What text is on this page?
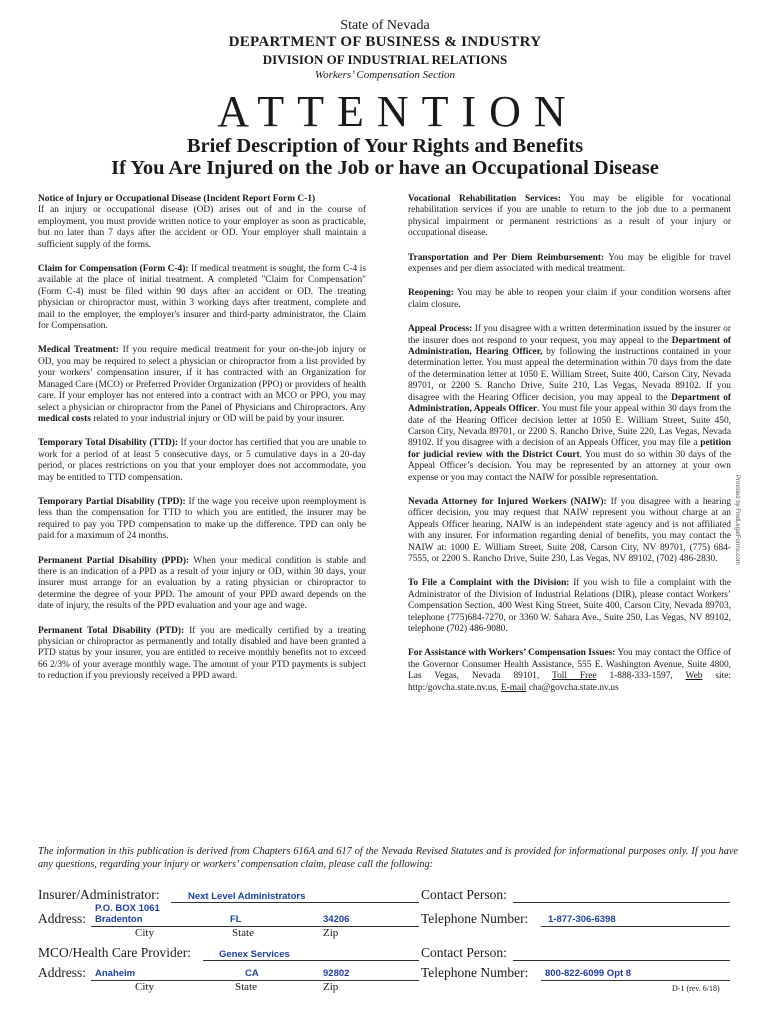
State of Nevada
DEPARTMENT OF BUSINESS & INDUSTRY
DIVISION OF INDUSTRIAL RELATIONS
Workers’ Compensation Section
ATTENTION
Brief Description of Your Rights and Benefits
If You Are Injured on the Job or have an Occupational Disease

Notice of Injury or Occupational Disease (Incident Report Form C-1)
If an injury or occupational disease (OD) arises out of and in the course of employment, you must provide written notice to your employer as soon as practicable, but no later than 7 days after the accident or OD. Your employer shall maintain a sufficient supply of the forms.

Claim for Compensation (Form C-4): If medical treatment is sought, the form C-4 is available at the place of initial treatment. A completed "Claim for Compensation" (Form C-4) must be filed within 90 days after an accident or OD. The treating physician or chiropractor must, within 3 working days after treatment, complete and mail to the employer, the employer's insurer and third-party administrator, the Claim for Compensation.

Medical Treatment: If you require medical treatment for your on-the-job injury or OD, you may be required to select a physician or chiropractor from a list provided by your workers’ compensation insurer, if it has contracted with an Organization for Managed Care (MCO) or Preferred Provider Organization (PPO) or providers of health care. If your employer has not entered into a contract with an MCO or PPO, you may select a physician or chiropractor from the Panel of Physicians and Chiropractors. Any medical costs related to your industrial injury or OD will be paid by your insurer.

Temporary Total Disability (TTD): If your doctor has certified that you are unable to work for a period of at least 5 consecutive days, or 5 cumulative days in a 20-day period, or places restrictions on you that your employer does not accommodate, you may be entitled to TTD compensation.

Temporary Partial Disability (TPD): If the wage you receive upon reemployment is less than the compensation for TTD to which you are entitled, the insurer may be required to pay you TPD compensation to make up the difference. TPD can only be paid for a maximum of 24 months.

Permanent Partial Disability (PPD): When your medical condition is stable and there is an indication of a PPD as a result of your injury or OD, within 30 days, your insurer must arrange for an evaluation by a rating physician or chiropractor to determine the degree of your PPD. The amount of your PPD award depends on the date of injury, the results of the PPD evaluation and your age and wage.

Permanent Total Disability (PTD): If you are medically certified by a treating physician or chiropractor as permanently and totally disabled and have been granted a PTD status by your insurer, you are entitled to receive monthly benefits not to exceed 66 2/3% of your average monthly wage. The amount of your PTD payments is subject to reduction if you previously received a PPD award.

Vocational Rehabilitation Services: You may be eligible for vocational rehabilitation services if you are unable to return to the job due to a permanent physical impairment or permanent restrictions as a result of your injury or occupational disease.

Transportation and Per Diem Reimbursement: You may be eligible for travel expenses and per diem associated with medical treatment.

Reopening: You may be able to reopen your claim if your condition worsens after claim closure.

Appeal Process: If you disagree with a written determination issued by the insurer or the insurer does not respond to your request, you may appeal to the Department of Administration, Hearing Officer, by following the instructions contained in your determination letter. You must appeal the determination within 70 days from the date of the determination letter at 1050 E. William Street, Suite 400, Carson City, Nevada 89701, or 2200 S. Rancho Drive, Suite 210, Las Vegas, Nevada 89102. If you disagree with the Hearing Officer decision, you may appeal to the Department of Administration, Appeals Officer. You must file your appeal within 30 days from the date of the Hearing Officer decision letter at 1050 E. William Street, Suite 450, Carson City, Nevada 89701, or 2200 S. Rancho Drive, Suite 220, Las Vegas, Nevada 89102. If you disagree with a decision of an Appeals Officer, you may file a petition for judicial review with the District Court. You must do so within 30 days of the Appeal Officer’s decision. You may be represented by an attorney at your own expense or you may contact the NAIW for possible representation.

Nevada Attorney for Injured Workers (NAIW): If you disagree with a hearing officer decision, you may request that NAIW represent you without charge at an Appeals Officer hearing. NAIW is an independent state agency and is not affiliated with any insurer. For information regarding denial of benefits, you may contact the NAIW at: 1000 E. William Street, Suite 208, Carson City, NV 89701, (775) 684-7555, or 2200 S. Rancho Drive, Suite 230, Las Vegas, NV 89102, (702) 486-2830.

To File a Complaint with the Division: If you wish to file a complaint with the Administrator of the Division of Industrial Relations (DIR), please contact Workers’ Compensation Section, 400 West King Street, Suite 400, Carson City, Nevada 89703, telephone (775)684-7270, or 3360 W. Sahara Ave., Suite 250, Las Vegas, NV 89102, telephone (702) 486-9080.

For Assistance with Workers’ Compensation Issues: You may contact the Office of the Governor Consumer Health Assistance, 555 E. Washington Avenue, Suite 4800, Las Vegas, Nevada 89101, Toll Free 1-888-333-1597, Web site: http:/govcha.state.nv.us, E-mail cha@govcha.state.nv.us

Provided by FindLegalForms.com
The information in this publication is derived from Chapters 616A and 617 of the Nevada Revised Statutes and is provided for informational purposes only. If you have any questions, regarding your injury or workers’ compensation claim, please call the following:
Insurer/Administrator:	Next Level Administrators	Contact Person:
P.O. BOX 1061
Address: Bradenton	FL	34206	Telephone Number: 1-877-306-6398
City	State	Zip
MCO/Health Care Provider:	Genex Services	Contact Person:
Address: Anaheim	CA	92802	Telephone Number: 800-822-6099 Opt 8
City	State	Zip	D-1 (rev. 6/18)
